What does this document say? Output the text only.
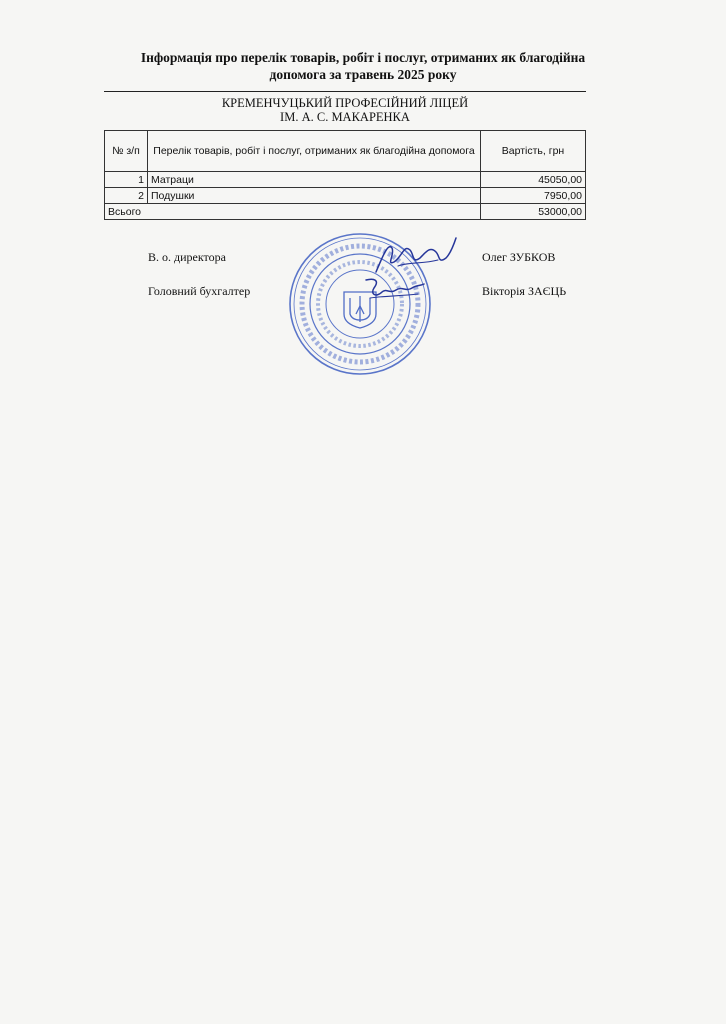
Інформація про перелік товарів, робіт і послуг, отриманих як благодійна
допомога за травень 2025 року
КРЕМЕНЧУЦЬКИЙ ПРОФЕСІЙНИЙ ЛІЦЕЙ
ІМ. А. С. МАКАРЕНКА
№ з/п	Перелік товарів, робіт і послуг, отриманих як благодійна допомога	Вартість, грн
1	Матраци	45050,00
2	Подушки	7950,00
Всього		53000,00
В. о. директора	Олег ЗУБКОВ
Головний бухгалтер	Вікторія ЗАЄЦЬ
